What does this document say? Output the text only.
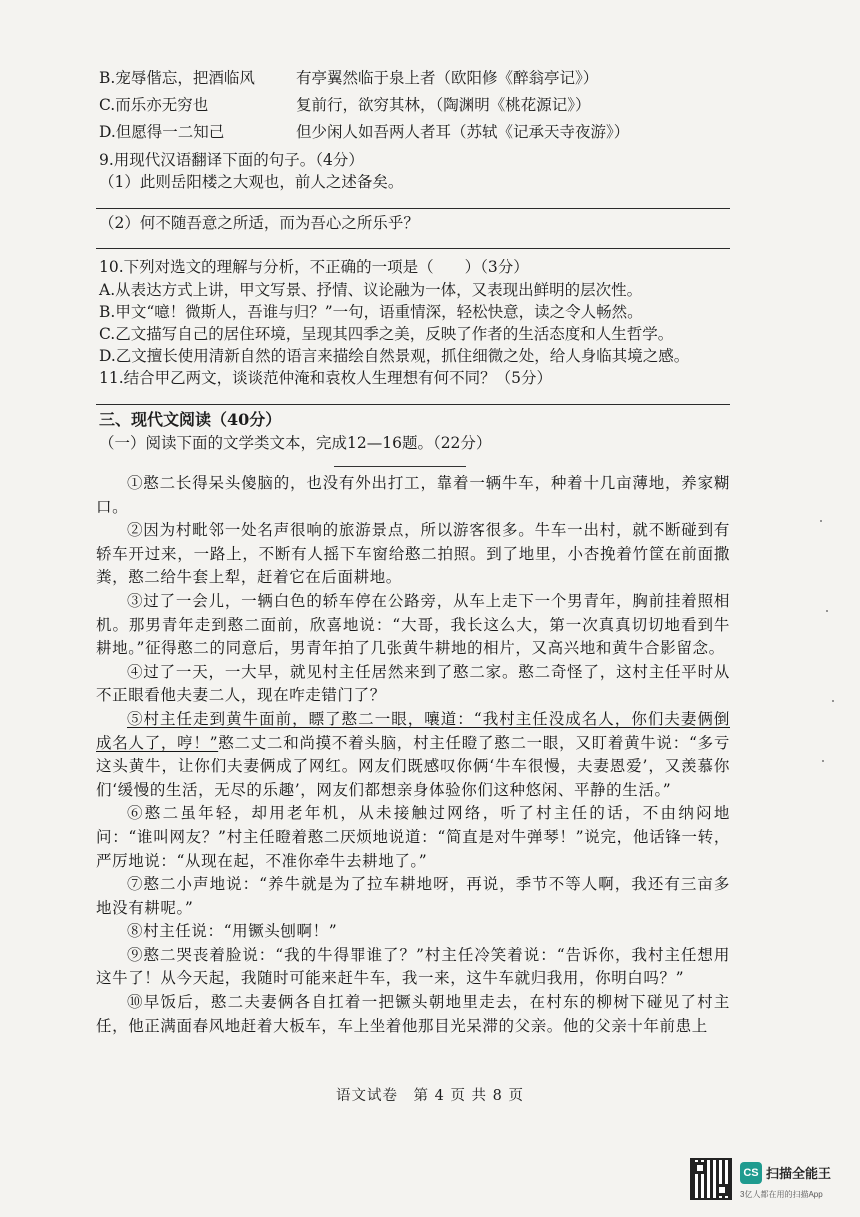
B.宠辱偕忘，把酒临风	有亭翼然临于泉上者（欧阳修《醉翁亭记》）
C.而乐亦无穷也	复前行，欲穷其林，（陶渊明《桃花源记》）
D.但愿得一二知己	但少闲人如吾两人者耳（苏轼《记承天寺夜游》）
9.用现代汉语翻译下面的句子。（4分）
（1）此则岳阳楼之大观也，前人之述备矣。
（2）何不随吾意之所适，而为吾心之所乐乎？
10.下列对选文的理解与分析，不正确的一项是（　　）（3分）
A.从表达方式上讲，甲文写景、抒情、议论融为一体，又表现出鲜明的层次性。
B.甲文“噫！微斯人，吾谁与归？”一句，语重情深，轻松快意，读之令人畅然。
C.乙文描写自己的居住环境，呈现其四季之美，反映了作者的生活态度和人生哲学。
D.乙文擅长使用清新自然的语言来描绘自然景观，抓住细微之处，给人身临其境之感。
11.结合甲乙两文，谈谈范仲淹和袁枚人生理想有何不同？（5分）
三、现代文阅读（40分）
（一）阅读下面的文学类文本，完成12—16题。（22分）

①憨二长得呆头傻脑的，也没有外出打工，靠着一辆牛车，种着十几亩薄地，养家糊口。

②因为村毗邻一处名声很响的旅游景点，所以游客很多。牛车一出村，就不断碰到有轿车开过来，一路上，不断有人摇下车窗给憨二拍照。到了地里，小杏挽着竹筐在前面撒粪，憨二给牛套上犁，赶着它在后面耕地。

③过了一会儿，一辆白色的轿车停在公路旁，从车上走下一个男青年，胸前挂着照相机。那男青年走到憨二面前，欣喜地说：“大哥，我长这么大，第一次真真切切地看到牛耕地。”征得憨二的同意后，男青年拍了几张黄牛耕地的相片，又高兴地和黄牛合影留念。

④过了一天，一大早，就见村主任居然来到了憨二家。憨二奇怪了，这村主任平时从不正眼看他夫妻二人，现在咋走错门了？

⑤村主任走到黄牛面前，瞟了憨二一眼，嚷道：“我村主任没成名人，你们夫妻俩倒成名人了，哼！”憨二丈二和尚摸不着头脑，村主任瞪了憨二一眼，又盯着黄牛说：“多亏这头黄牛，让你们夫妻俩成了网红。网友们既感叹你俩‘牛车很慢，夫妻恩爱’，又羡慕你们‘缓慢的生活，无尽的乐趣’，网友们都想亲身体验你们这种悠闲、平静的生活。”

⑥憨二虽年轻，却用老年机，从未接触过网络，听了村主任的话，不由纳闷地问：“谁叫网友？”村主任瞪着憨二厌烦地说道：“简直是对牛弹琴！”说完，他话锋一转，严厉地说：“从现在起，不准你牵牛去耕地了。”

⑦憨二小声地说：“养牛就是为了拉车耕地呀，再说，季节不等人啊，我还有三亩多地没有耕呢。”

⑧村主任说：“用镢头刨啊！”

⑨憨二哭丧着脸说：“我的牛得罪谁了？”村主任冷笑着说：“告诉你，我村主任想用这牛了！从今天起，我随时可能来赶牛车，我一来，这牛车就归我用，你明白吗？”

⑩早饭后，憨二夫妻俩各自扛着一把镢头朝地里走去，在村东的柳树下碰见了村主任，他正满面春风地赶着大板车，车上坐着他那目光呆滞的父亲。他的父亲十年前患上

语文试卷　第 4 页 共 8 页
CS 扫描全能王
3亿人都在用的扫描App
